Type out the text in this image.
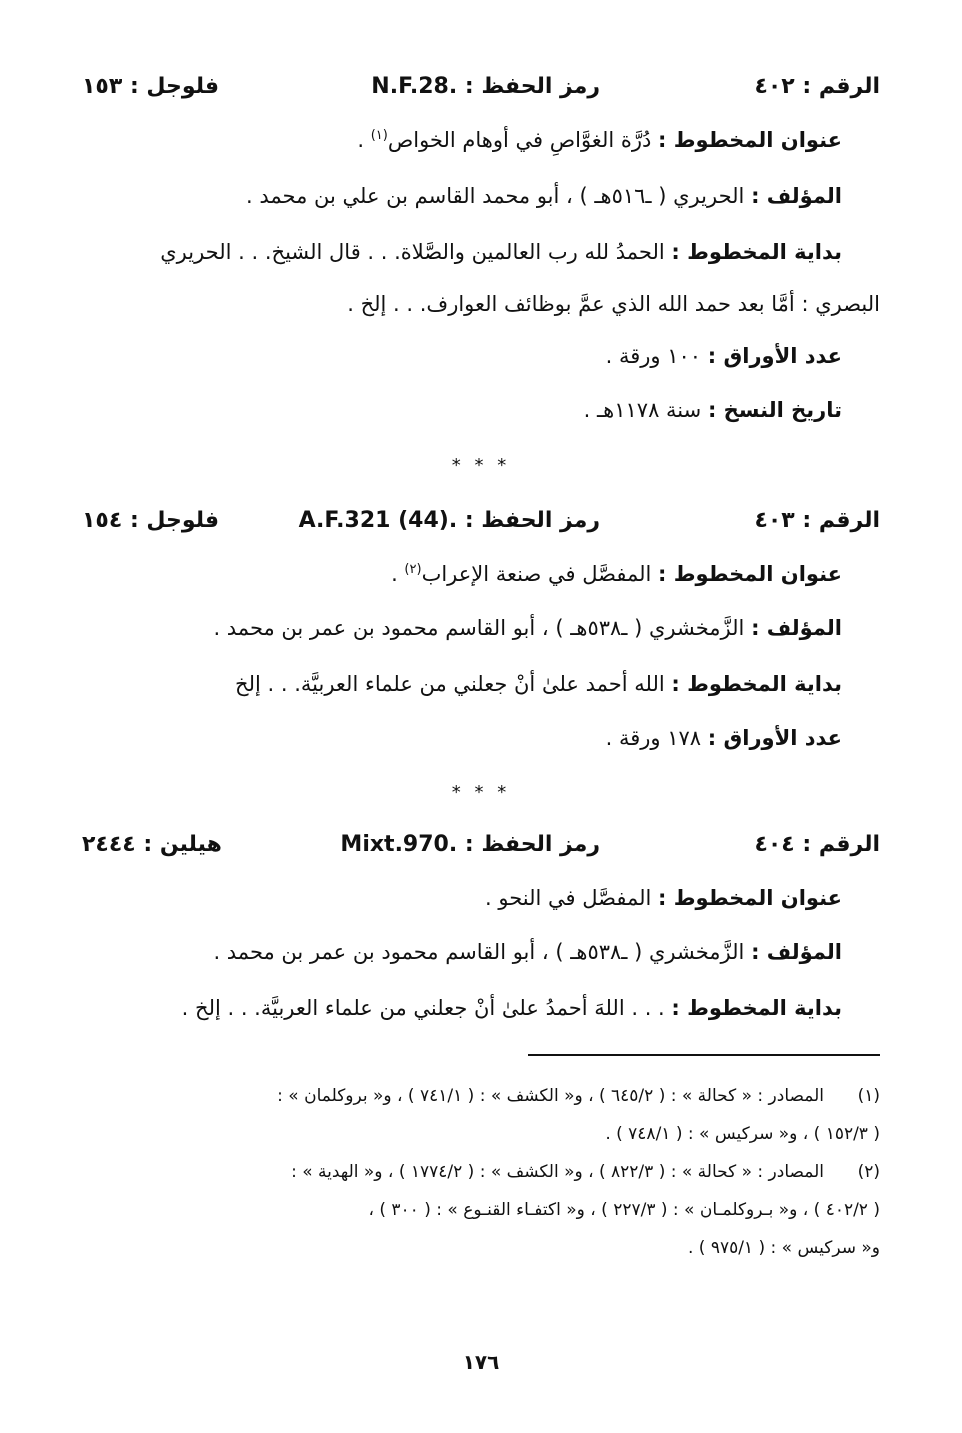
الرقم : ٤٠٢
رمز الحفظ : .N.F.28
فلوجل : ١٥٣
عنوان المخطوط : دُرَّة الغوَّاصِ في أوهام الخواص$^{(١)}$ .
المؤلف : الحريري ( ـ٥١٦هـ ) ، أبو محمد القاسم بن علي بن محمد .
بداية المخطوط : الحمدُ لله رب العالمين والصَّلاة. . . قال الشيخ. . . الحريري
البصري : أمَّا بعد حمد الله الذي عمَّ بوظائف العوارف. . . إلخ .
عدد الأوراق : ١٠٠ ورقة .
تاريخ النسخ : سنة ١١٧٨هـ .
* * *
الرقم : ٤٠٣
رمز الحفظ : .(44) A.F.321
فلوجل : ١٥٤
عنوان المخطوط : المفصَّل في صنعة الإعراب$^{(٢)}$ .
المؤلف : الزَّمخشري ( ـ٥٣٨هـ ) ، أبو القاسم محمود بن عمر بن محمد .
بداية المخطوط : الله أحمد علىٰ أنْ جعلني من علماء العربيَّة. . . إلخ
عدد الأوراق : ١٧٨ ورقة .
* * *
الرقم : ٤٠٤
رمز الحفظ : .Mixt.970
هيلين : ٢٤٤٤
عنوان المخطوط : المفصَّل في النحو .
المؤلف : الزَّمخشري ( ـ٥٣٨هـ ) ، أبو القاسم محمود بن عمر بن محمد .
بداية المخطوط : . . . اللهَ أحمدُ علىٰ أنْ جعلني من علماء العربيَّة. . . إلخ .
(١)
المصادر : « كحالة » : ( ٦٤٥/٢ ) ، و« الكشف » : ( ٧٤١/١ ) ، و« بروكلمان » :
( ١٥٢/٣ ) ، و« سركيس » : ( ٧٤٨/١ ) .
(٢)
المصادر : « كحالة » : ( ٨٢٢/٣ ) ، و« الكشف » : ( ١٧٧٤/٢ ) ، و« الهدية » :
( ٤٠٢/٢ ) ، و« بـروكلمـان » : ( ٢٢٧/٣ ) ، و« اكتفـاء القنـوع » : ( ٣٠٠ ) ،
و« سركيس » : ( ٩٧٥/١ ) .
١٧٦
